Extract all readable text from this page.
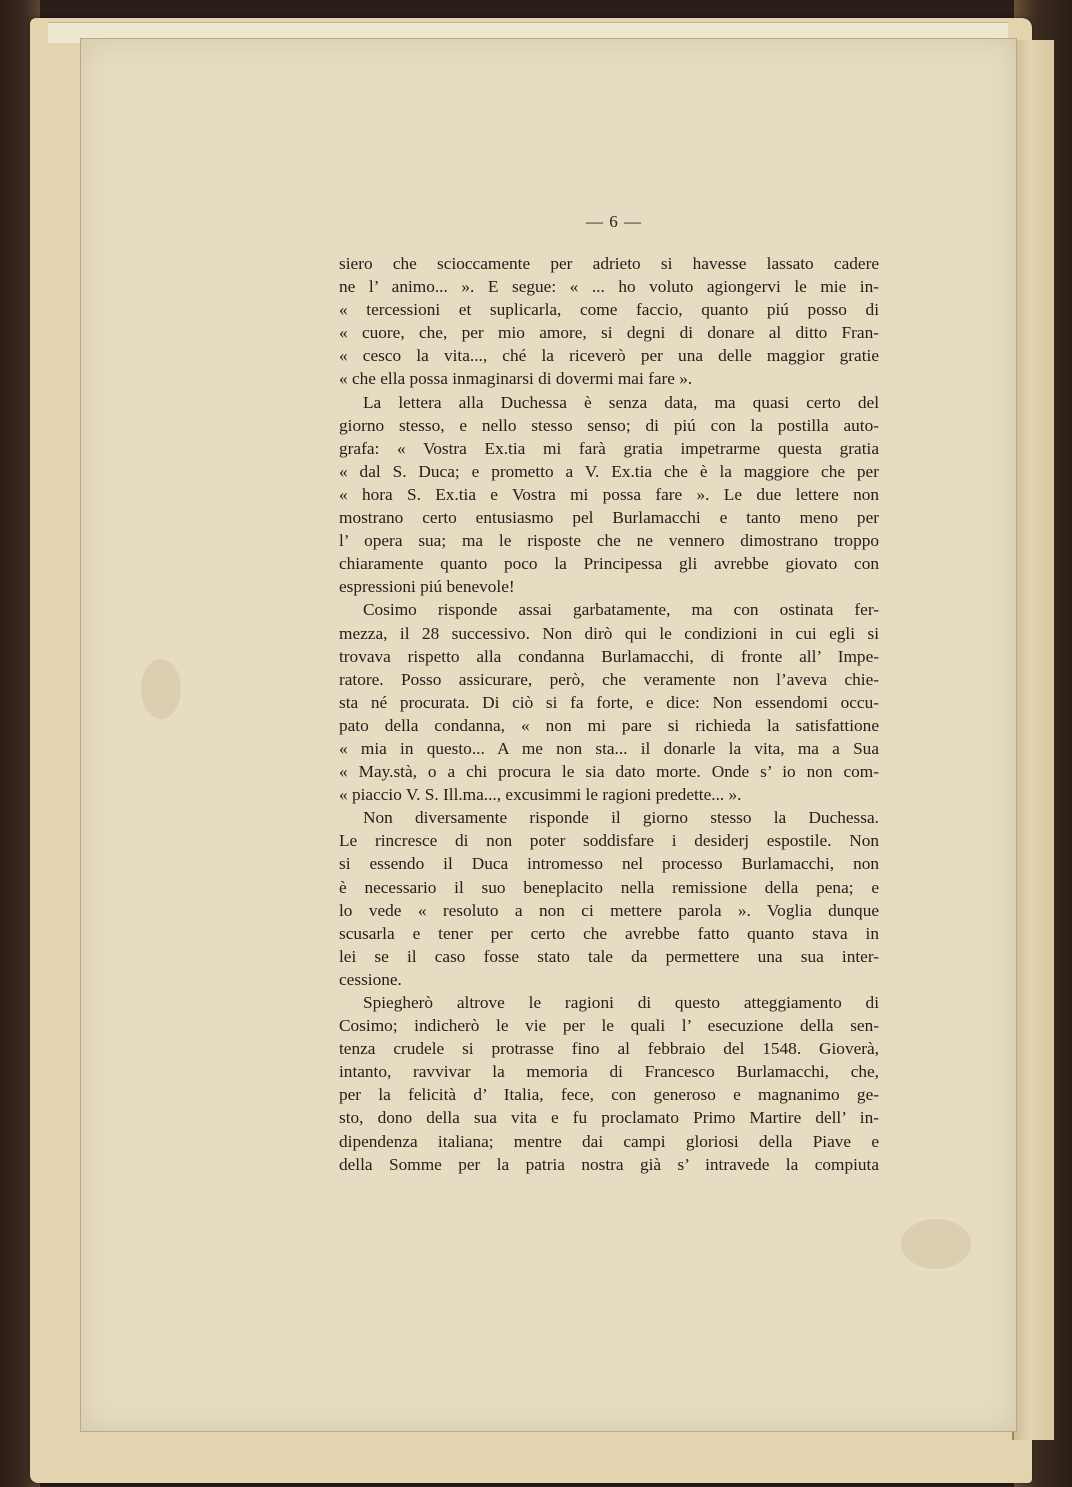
— 6 —
siero che scioccamente per adrieto si havesse lassato cadere
ne l’ animo... ». E segue: « ... ho voluto agiongervi le mie in-
« tercessioni et suplicarla, come faccio, quanto piú posso di
« cuore, che, per mio amore, si degni di donare al ditto Fran-
« cesco la vita..., ché la riceverò per una delle maggior gratie
« che ella possa inmaginarsi di dovermi mai fare ».
La lettera alla Duchessa è senza data, ma quasi certo del
giorno stesso, e nello stesso senso; di piú con la postilla auto-
grafa: « Vostra Ex.tia mi farà gratia impetrarme questa gratia
« dal S. Duca; e prometto a V. Ex.tia che è la maggiore che per
« hora S. Ex.tia e Vostra mi possa fare ». Le due lettere non
mostrano certo entusiasmo pel Burlamacchi e tanto meno per
l’ opera sua; ma le risposte che ne vennero dimostrano troppo
chiaramente quanto poco la Principessa gli avrebbe giovato con
espressioni piú benevole!
Cosimo risponde assai garbatamente, ma con ostinata fer-
mezza, il 28 successivo. Non dirò qui le condizioni in cui egli si
trovava rispetto alla condanna Burlamacchi, di fronte all’ Impe-
ratore. Posso assicurare, però, che veramente non l’aveva chie-
sta né procurata. Di ciò si fa forte, e dice: Non essendomi occu-
pato della condanna, « non mi pare si richieda la satisfattione
« mia in questo... A me non sta... il donarle la vita, ma a Sua
« May.stà, o a chi procura le sia dato morte. Onde s’ io non com-
« piaccio V. S. Ill.ma..., excusimmi le ragioni predette... ».
Non diversamente risponde il giorno stesso la Duchessa.
Le rincresce di non poter soddisfare i desiderj espostile. Non
si essendo il Duca intromesso nel processo Burlamacchi, non
è necessario il suo beneplacito nella remissione della pena; e
lo vede « resoluto a non ci mettere parola ». Voglia dunque
scusarla e tener per certo che avrebbe fatto quanto stava in
lei se il caso fosse stato tale da permettere una sua inter-
cessione.
Spiegherò altrove le ragioni di questo atteggiamento di
Cosimo; indicherò le vie per le quali l’ esecuzione della sen-
tenza crudele si protrasse fino al febbraio del 1548. Gioverà,
intanto, ravvivar la memoria di Francesco Burlamacchi, che,
per la felicità d’ Italia, fece, con generoso e magnanimo ge-
sto, dono della sua vita e fu proclamato Primo Martire dell’ in-
dipendenza italiana; mentre dai campi gloriosi della Piave e
della Somme per la patria nostra già s’ intravede la compiuta
